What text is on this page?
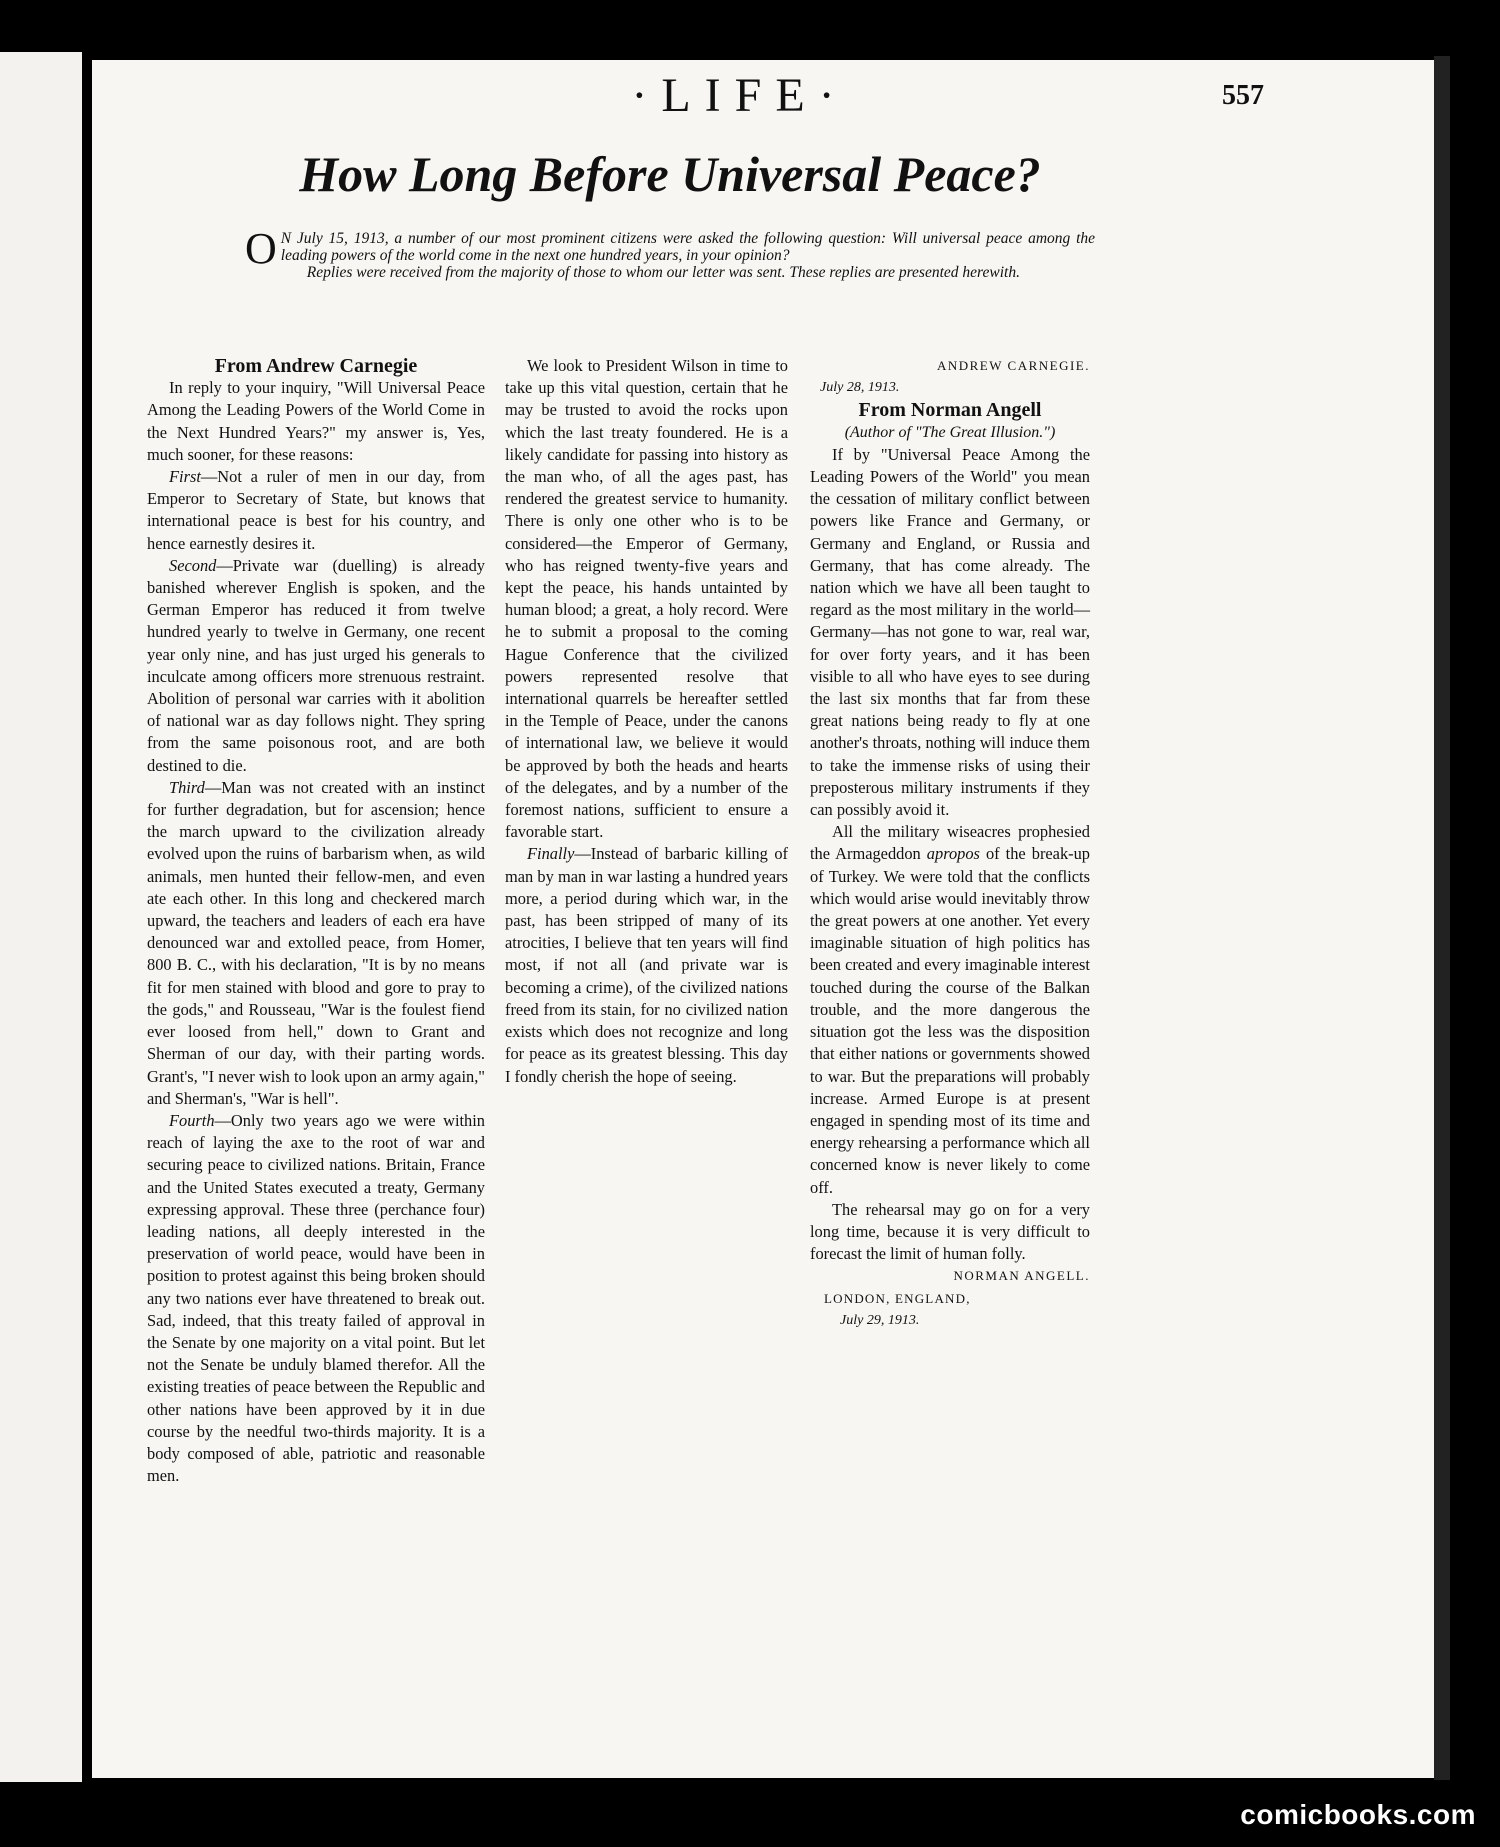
·LIFE·	557
How Long Before Universal Peace?

O N July 15, 1913, a number of our most prominent citizens were asked the following question: Will universal peace among the leading powers of the world come in the next one hundred years, in your opinion?

Replies were received from the majority of those to whom our letter was sent. These replies are presented herewith.

From Andrew Carnegie

In reply to your inquiry, "Will Universal Peace Among the Leading Powers of the World Come in the Next Hundred Years?" my answer is, Yes, much sooner, for these reasons:

First—Not a ruler of men in our day, from Emperor to Secretary of State, but knows that international peace is best for his country, and hence earnestly desires it.

Second—Private war (duelling) is already banished wherever English is spoken, and the German Emperor has reduced it from twelve hundred yearly to twelve in Germany, one recent year only nine, and has just urged his generals to inculcate among officers more strenuous restraint. Abolition of personal war carries with it abolition of national war as day follows night. They spring from the same poisonous root, and are both destined to die.

Third—Man was not created with an instinct for further degradation, but for ascension; hence the march upward to the civilization already evolved upon the ruins of barbarism when, as wild animals, men hunted their fellow-men, and even ate each other. In this long and checkered march upward, the teachers and leaders of each era have denounced war and extolled peace, from Homer, 800 B. C., with his declaration, "It is by no means fit for men stained with blood and gore to pray to the gods," and Rousseau, "War is the foulest fiend ever loosed from hell," down to Grant and Sherman of our day, with their parting words. Grant's, "I never wish to look upon an army again," and Sherman's, "War is hell".

Fourth—Only two years ago we were within reach of laying the axe to the root of war and securing peace to civilized nations. Britain, France and the United States executed a treaty, Germany expressing approval. These three (perchance four) leading nations, all deeply interested in the preservation of world peace, would have been in position to protest against this being broken should any two nations ever have threatened to break out. Sad, indeed, that this treaty failed of approval in the Senate by one majority on a vital point. But let not the Senate be unduly blamed therefor. All the existing treaties of peace between the Republic and other nations have been approved by it in due course by the needful two-thirds majority. It is a body composed of able, patriotic and reasonable men.

We look to President Wilson in time to take up this vital question, certain that he may be trusted to avoid the rocks upon which the last treaty foundered. He is a likely candidate for passing into history as the man who, of all the ages past, has rendered the greatest service to humanity. There is only one other who is to be considered—the Emperor of Germany, who has reigned twenty-five years and kept the peace, his hands untainted by human blood; a great, a holy record. Were he to submit a proposal to the coming Hague Conference that the civilized powers represented resolve that international quarrels be hereafter settled in the Temple of Peace, under the canons of international law, we believe it would be approved by both the heads and hearts of the delegates, and by a number of the foremost nations, sufficient to ensure a favorable start.

Finally—Instead of barbaric killing of man by man in war lasting a hundred years more, a period during which war, in the past, has been stripped of many of its atrocities, I believe that ten years will find most, if not all (and private war is becoming a crime), of the civilized nations freed from its stain, for no civilized nation exists which does not recognize and long for peace as its greatest blessing. This day I fondly cherish the hope of seeing.

ANDREW CARNEGIE.

July 28, 1913.

From Norman Angell

(Author of "The Great Illusion.")

If by "Universal Peace Among the Leading Powers of the World" you mean the cessation of military conflict between powers like France and Germany, or Germany and England, or Russia and Germany, that has come already. The nation which we have all been taught to regard as the most military in the world—Germany—has not gone to war, real war, for over forty years, and it has been visible to all who have eyes to see during the last six months that far from these great nations being ready to fly at one another's throats, nothing will induce them to take the immense risks of using their preposterous military instruments if they can possibly avoid it.

All the military wiseacres prophesied the Armageddon apropos of the break-up of Turkey. We were told that the conflicts which would arise would inevitably throw the great powers at one another. Yet every imaginable situation of high politics has been created and every imaginable interest touched during the course of the Balkan trouble, and the more dangerous the situation got the less was the disposition that either nations or governments showed to war. But the preparations will probably increase. Armed Europe is at present engaged in spending most of its time and energy rehearsing a performance which all concerned know is never likely to come off.

The rehearsal may go on for a very long time, because it is very difficult to forecast the limit of human folly.

NORMAN ANGELL.

LONDON, ENGLAND,

July 29, 1913.

comicbooks.com
